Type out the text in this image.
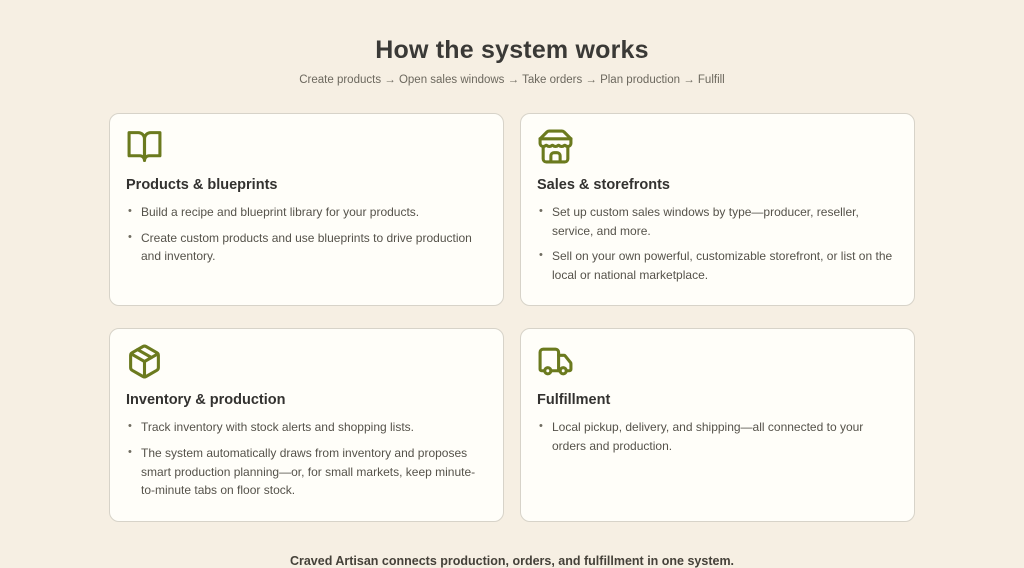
How the system works
Create products → Open sales windows → Take orders → Plan production → Fulfill
Products & blueprints
• Build a recipe and blueprint library for your products.
• Create custom products and use blueprints to drive production and inventory.
Sales & storefronts
• Set up custom sales windows by type—producer, reseller, service, and more.
• Sell on your own powerful, customizable storefront, or list on the local or national marketplace.
Inventory & production
• Track inventory with stock alerts and shopping lists.
• The system automatically draws from inventory and proposes smart production planning—or, for small markets, keep minute-to-minute tabs on floor stock.
Fulfillment
• Local pickup, delivery, and shipping—all connected to your orders and production.
Craved Artisan connects production, orders, and fulfillment in one system.
